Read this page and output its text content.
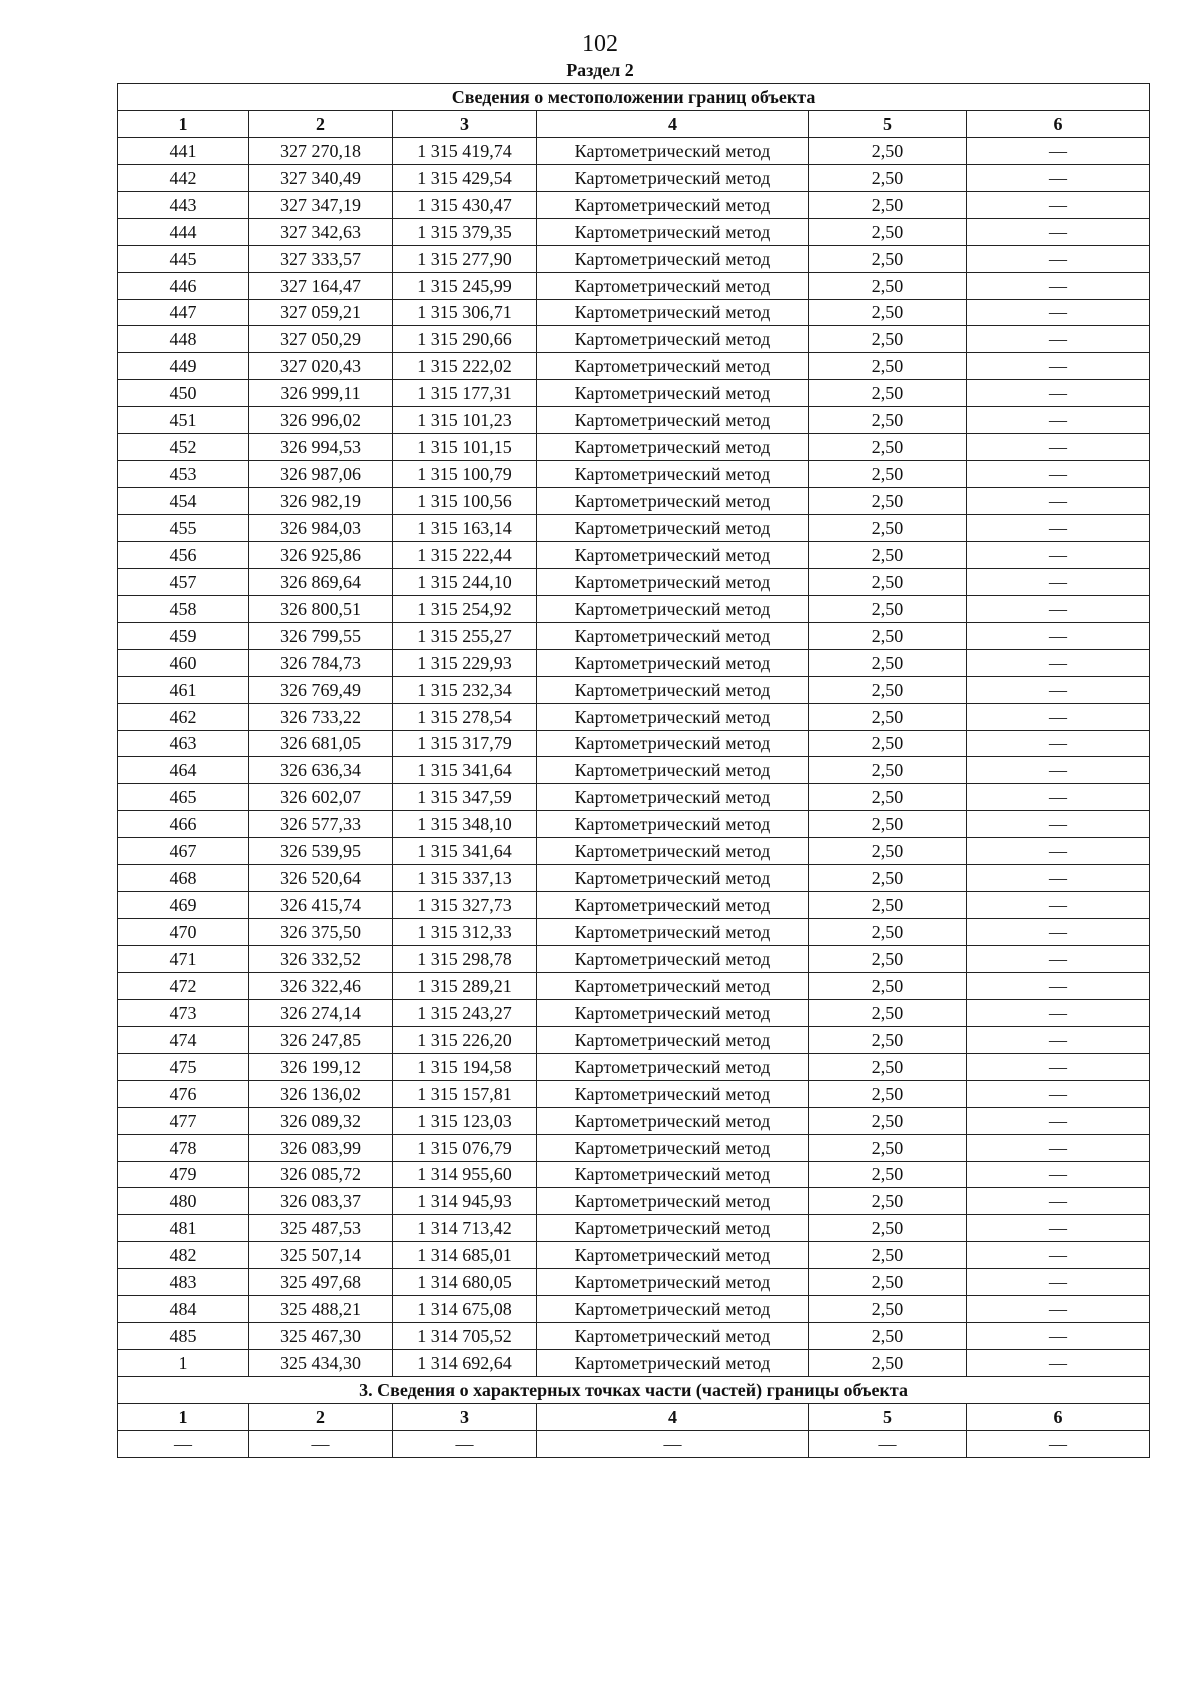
102
Раздел 2
Сведения о местоположении границ объекта					
1	2	3	4	5	6
441	327 270,18	1 315 419,74	Картометрический метод	2,50	—
442	327 340,49	1 315 429,54	Картометрический метод	2,50	—
443	327 347,19	1 315 430,47	Картометрический метод	2,50	—
444	327 342,63	1 315 379,35	Картометрический метод	2,50	—
445	327 333,57	1 315 277,90	Картометрический метод	2,50	—
446	327 164,47	1 315 245,99	Картометрический метод	2,50	—
447	327 059,21	1 315 306,71	Картометрический метод	2,50	—
448	327 050,29	1 315 290,66	Картометрический метод	2,50	—
449	327 020,43	1 315 222,02	Картометрический метод	2,50	—
450	326 999,11	1 315 177,31	Картометрический метод	2,50	—
451	326 996,02	1 315 101,23	Картометрический метод	2,50	—
452	326 994,53	1 315 101,15	Картометрический метод	2,50	—
453	326 987,06	1 315 100,79	Картометрический метод	2,50	—
454	326 982,19	1 315 100,56	Картометрический метод	2,50	—
455	326 984,03	1 315 163,14	Картометрический метод	2,50	—
456	326 925,86	1 315 222,44	Картометрический метод	2,50	—
457	326 869,64	1 315 244,10	Картометрический метод	2,50	—
458	326 800,51	1 315 254,92	Картометрический метод	2,50	—
459	326 799,55	1 315 255,27	Картометрический метод	2,50	—
460	326 784,73	1 315 229,93	Картометрический метод	2,50	—
461	326 769,49	1 315 232,34	Картометрический метод	2,50	—
462	326 733,22	1 315 278,54	Картометрический метод	2,50	—
463	326 681,05	1 315 317,79	Картометрический метод	2,50	—
464	326 636,34	1 315 341,64	Картометрический метод	2,50	—
465	326 602,07	1 315 347,59	Картометрический метод	2,50	—
466	326 577,33	1 315 348,10	Картометрический метод	2,50	—
467	326 539,95	1 315 341,64	Картометрический метод	2,50	—
468	326 520,64	1 315 337,13	Картометрический метод	2,50	—
469	326 415,74	1 315 327,73	Картометрический метод	2,50	—
470	326 375,50	1 315 312,33	Картометрический метод	2,50	—
471	326 332,52	1 315 298,78	Картометрический метод	2,50	—
472	326 322,46	1 315 289,21	Картометрический метод	2,50	—
473	326 274,14	1 315 243,27	Картометрический метод	2,50	—
474	326 247,85	1 315 226,20	Картометрический метод	2,50	—
475	326 199,12	1 315 194,58	Картометрический метод	2,50	—
476	326 136,02	1 315 157,81	Картометрический метод	2,50	—
477	326 089,32	1 315 123,03	Картометрический метод	2,50	—
478	326 083,99	1 315 076,79	Картометрический метод	2,50	—
479	326 085,72	1 314 955,60	Картометрический метод	2,50	—
480	326 083,37	1 314 945,93	Картометрический метод	2,50	—
481	325 487,53	1 314 713,42	Картометрический метод	2,50	—
482	325 507,14	1 314 685,01	Картометрический метод	2,50	—
483	325 497,68	1 314 680,05	Картометрический метод	2,50	—
484	325 488,21	1 314 675,08	Картометрический метод	2,50	—
485	325 467,30	1 314 705,52	Картометрический метод	2,50	—
1	325 434,30	1 314 692,64	Картометрический метод	2,50	—
3. Сведения о характерных точках части (частей) границы объекта					
1	2	3	4	5	6
—	—	—	—	—	—
